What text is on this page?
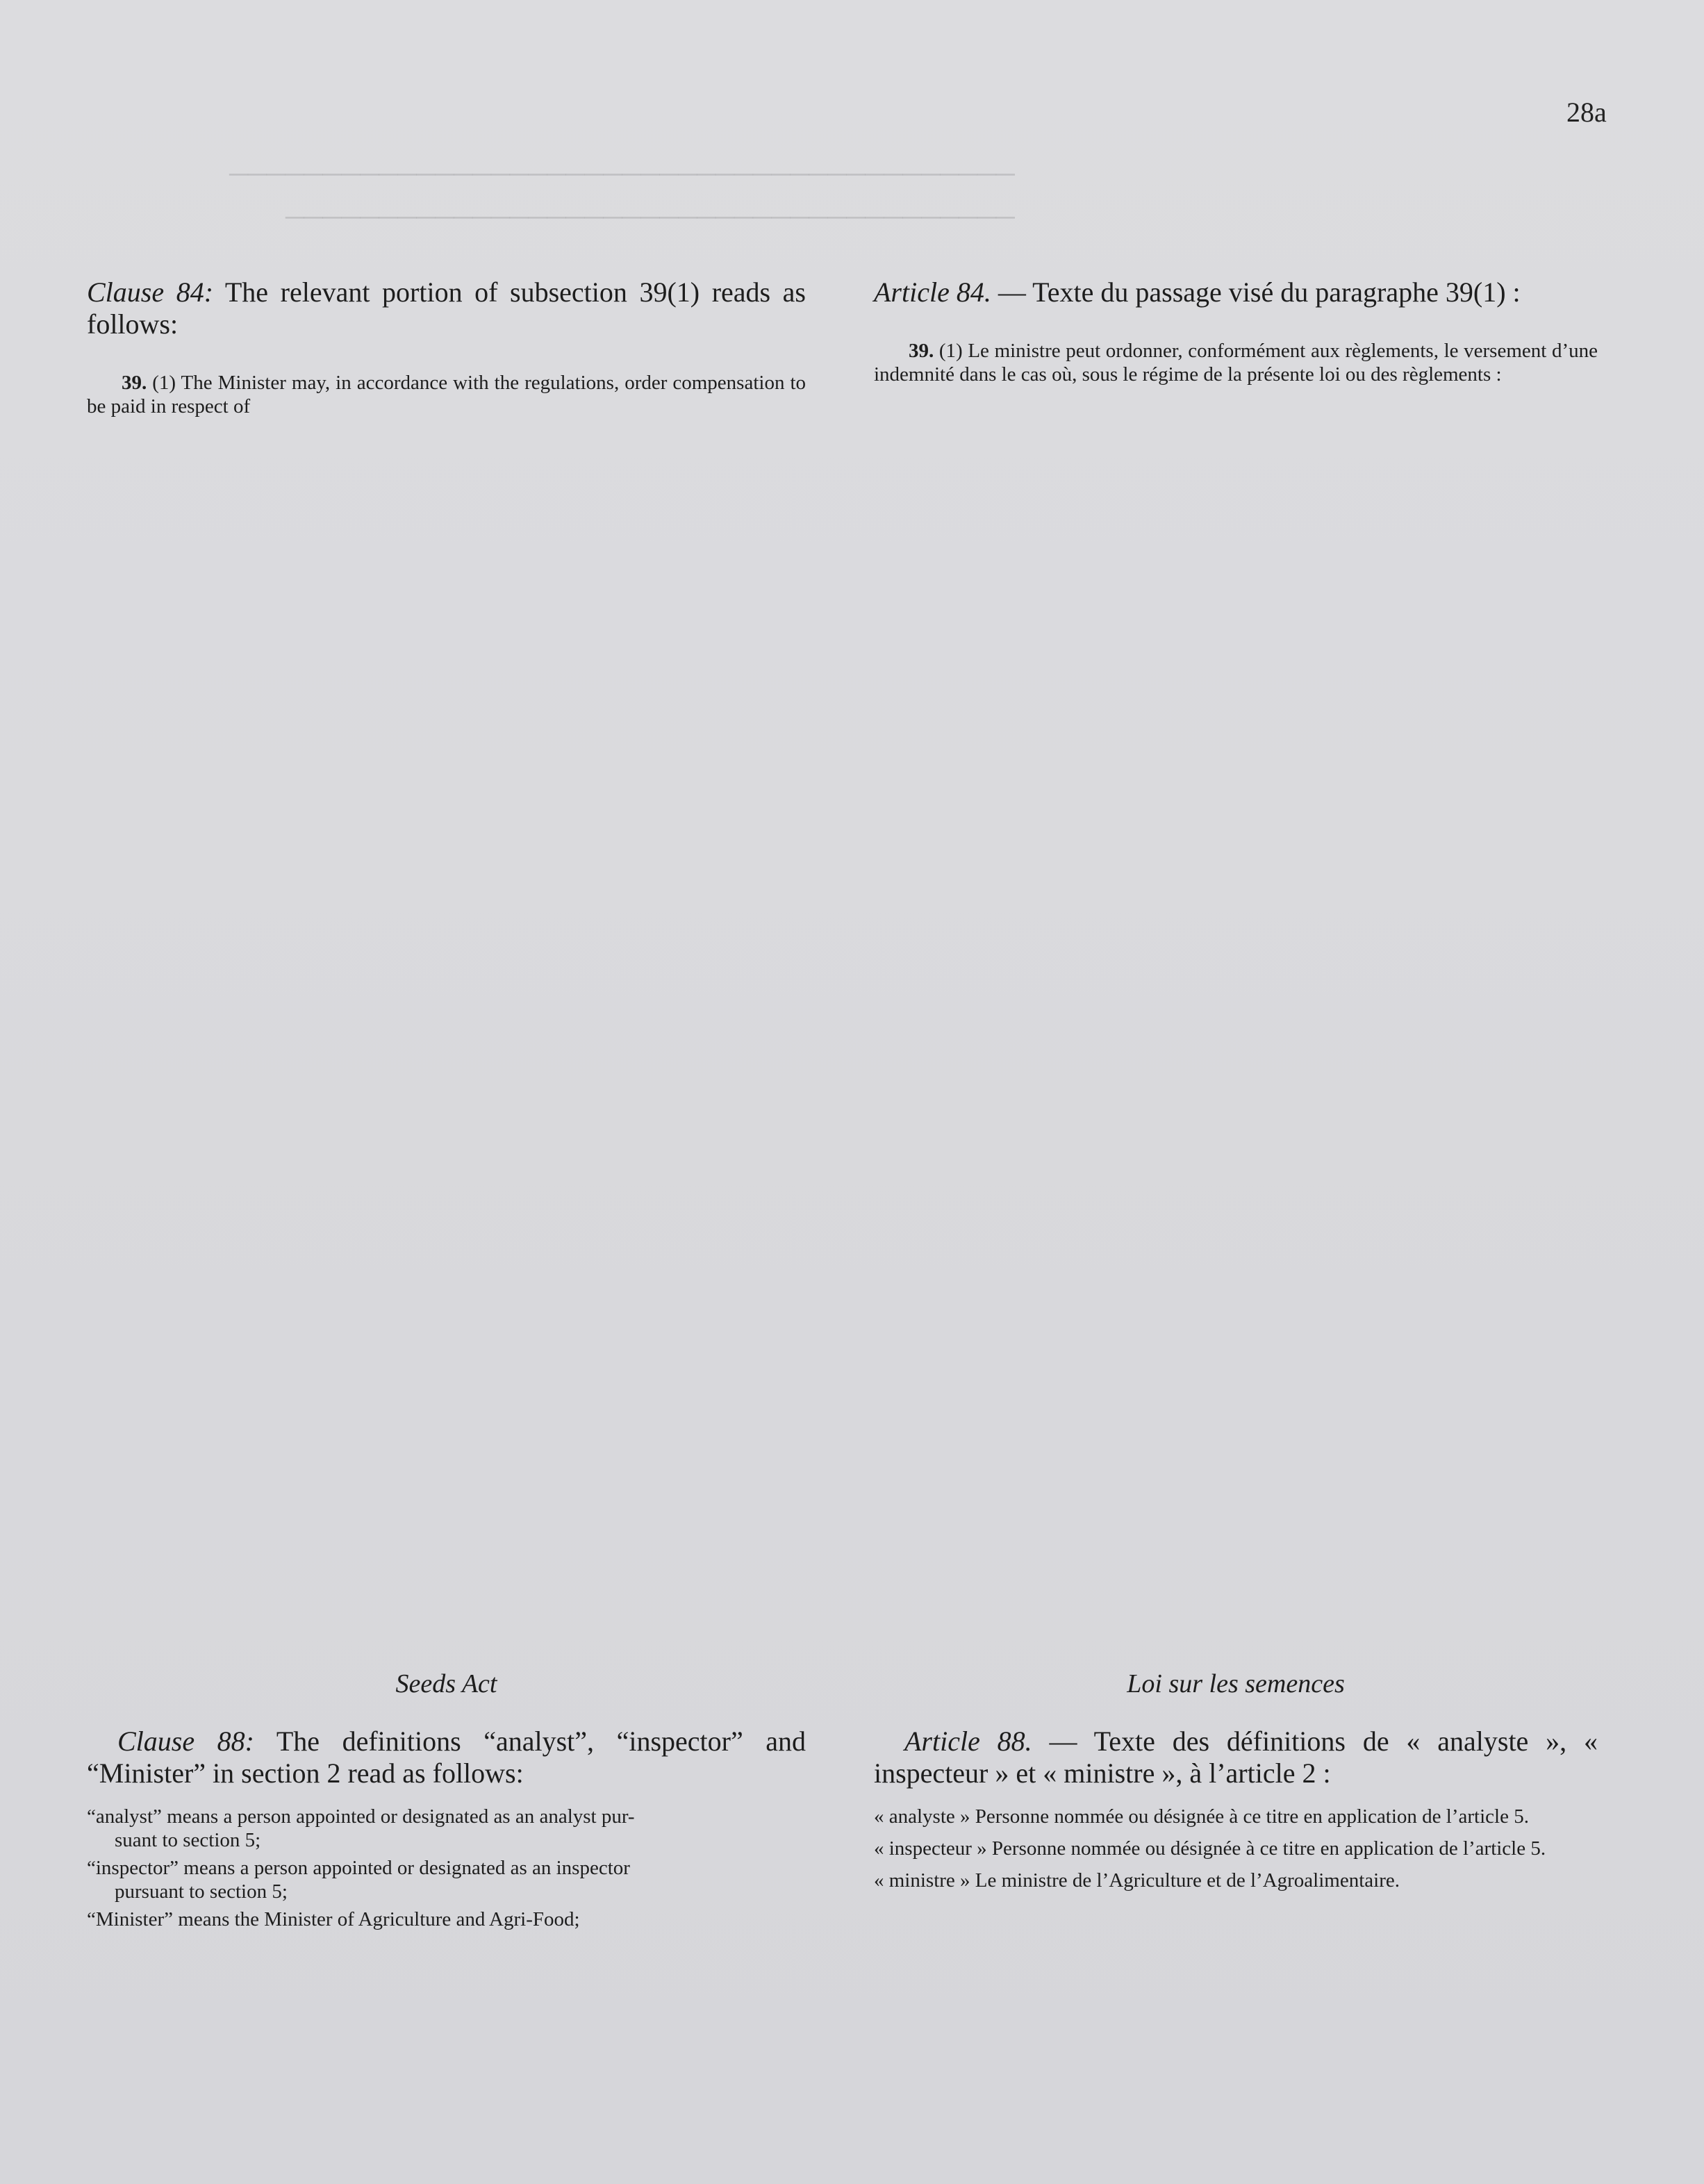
──────────────────────────────────────────
───────────────────────────────────────
28a

Clause 84: The relevant portion of subsection 39(1) reads as follows:

39. (1) The Minister may, in accordance with the regulations, order compensation to be paid in respect of

Article 84. — Texte du passage visé du paragraphe 39(1) :

39. (1) Le ministre peut ordonner, conformément aux règlements, le versement d’une indemnité dans le cas où, sous le régime de la présente loi ou des règlements :

Seeds Act

Clause 88: The definitions “analyst”, “inspector” and “Minister” in section 2 read as follows:

“analyst” means a person appointed or designated as an analyst pur-
suant to section 5;

“inspector” means a person appointed or designated as an inspector
pursuant to section 5;

“Minister” means the Minister of Agriculture and Agri-Food;

Loi sur les semences

Article 88. — Texte des définitions de « analyste », « inspecteur » et « ministre », à l’article 2 :

« analyste » Personne nommée ou désignée à ce titre en application de l’article 5.

« inspecteur » Personne nommée ou désignée à ce titre en application de l’article 5.

« ministre » Le ministre de l’Agriculture et de l’Agroalimentaire.
